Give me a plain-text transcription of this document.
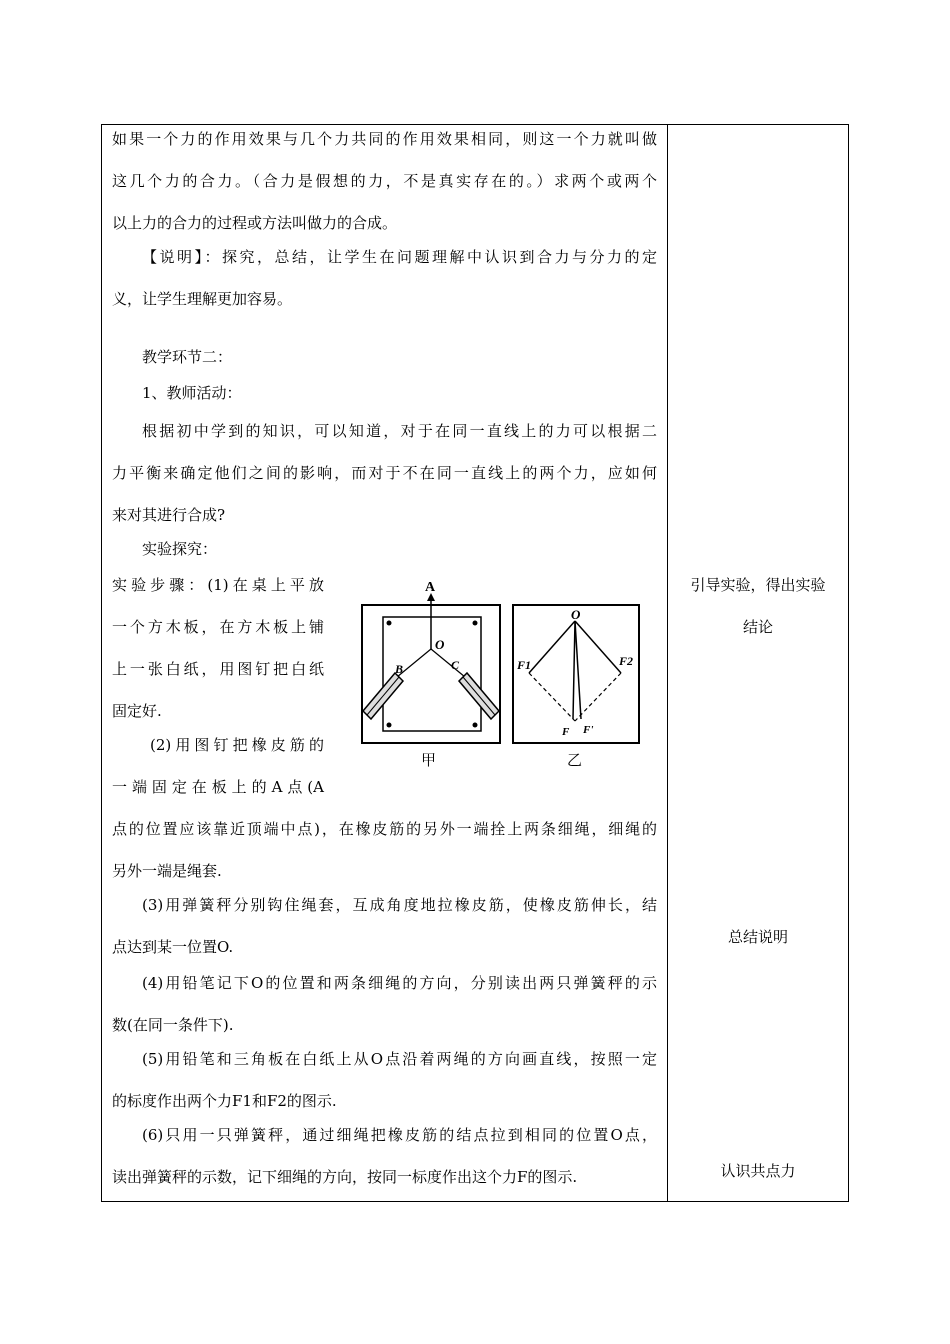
如果一个力的作用效果与几个力共同的作用效果相同，则这一个力就叫做
这几个力的合力。（合力是假想的力，不是真实存在的。）求两个或两个
以上力的合力的过程或方法叫做力的合成。
【说明】：探究，总结，让学生在问题理解中认识到合力与分力的定
义，让学生理解更加容易。
教学环节二：
1、教师活动：
根据初中学到的知识，可以知道，对于在同一直线上的力可以根据二
力平衡来确定他们之间的影响，而对于不在同一直线上的两个力，应如何
来对其进行合成?
实验探究：
实验步骤：(1)在桌上平放
一个方木板，在方木板上铺
上一张白纸，用图钉把白纸
固定好.
(2)用图钉把橡皮筋的
一端固定在板上的A点(A
点的位置应该靠近顶端中点)，在橡皮筋的另外一端拴上两条细绳，细绳的
另外一端是绳套.
(3)用弹簧秤分别钩住绳套，互成角度地拉橡皮筋，使橡皮筋伸长，结
点达到某一位置O.
(4)用铅笔记下O的位置和两条细绳的方向，分别读出两只弹簧秤的示
数(在同一条件下).
(5)用铅笔和三角板在白纸上从O点沿着两绳的方向画直线，按照一定
的标度作出两个力F1和F2的图示.
(6)只用一只弹簧秤，通过细绳把橡皮筋的结点拉到相同的位置O点，
读出弹簧秤的示数，记下细绳的方向，按同一标度作出这个力F的图示.
A
O
B	C
甲
O
F1	F2
F F'
乙
引导实验，得出实验
结论
总结说明
认识共点力
